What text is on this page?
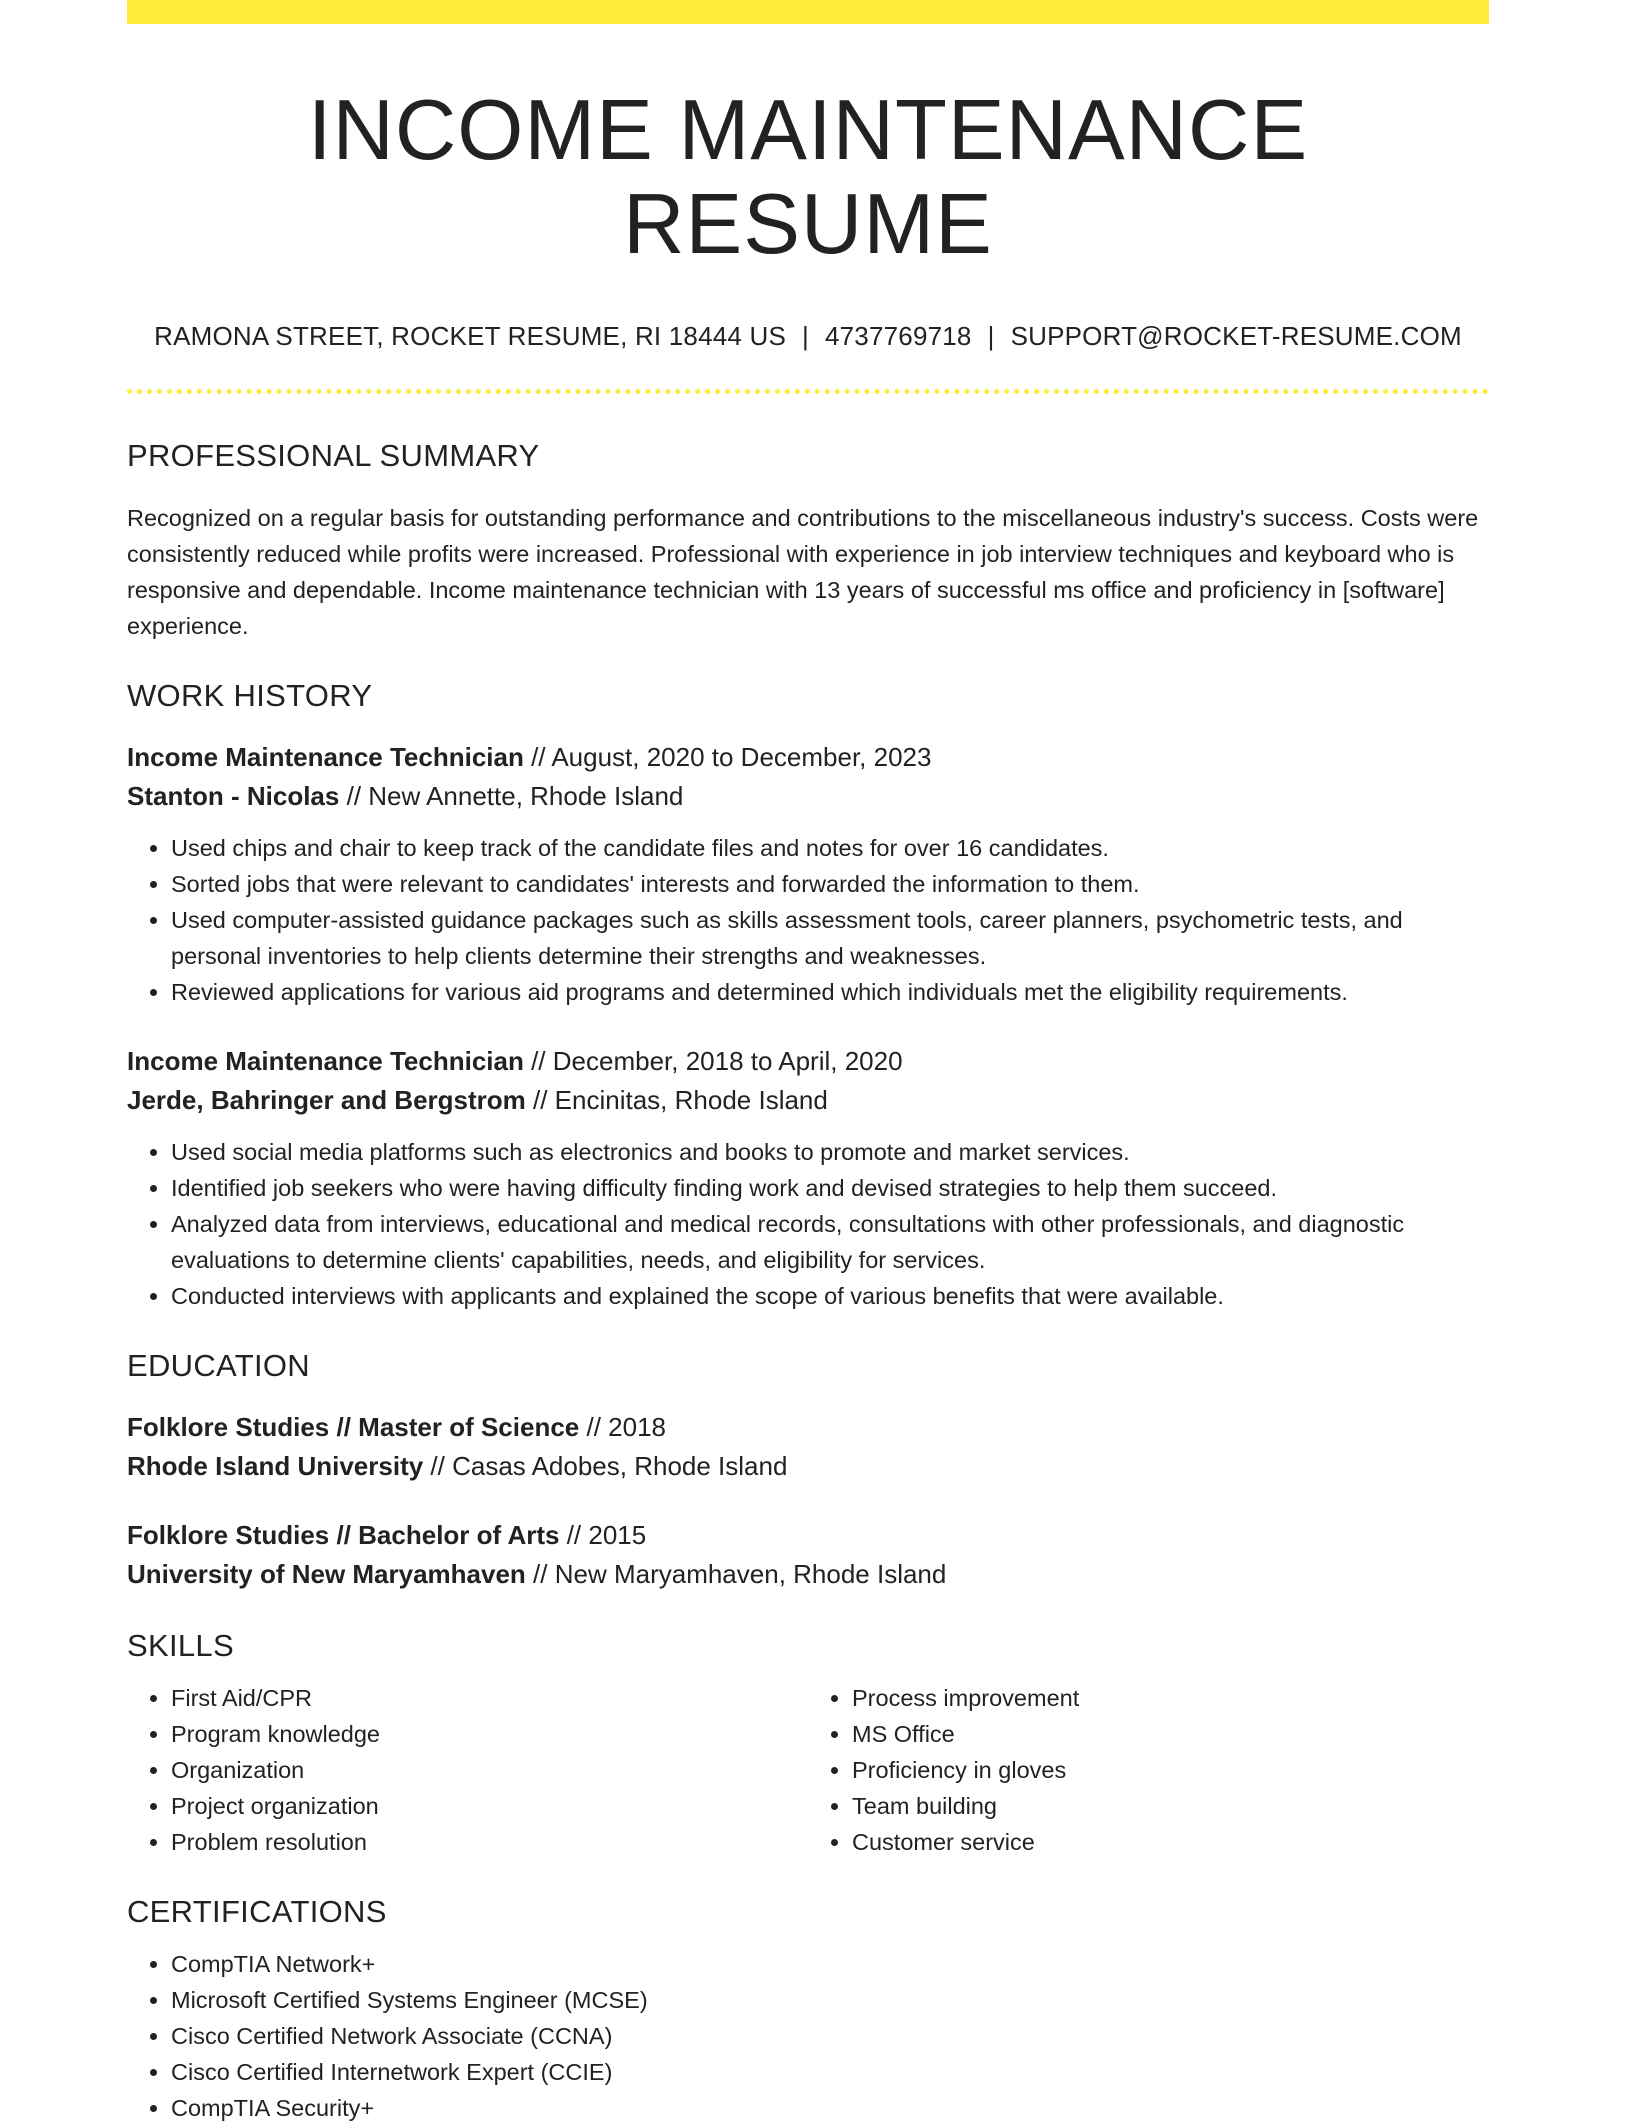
INCOME MAINTENANCE RESUME
RAMONA STREET, ROCKET RESUME, RI 18444 US | 4737769718 | SUPPORT@ROCKET-RESUME.COM
PROFESSIONAL SUMMARY
Recognized on a regular basis for outstanding performance and contributions to the miscellaneous industry's success. Costs were consistently reduced while profits were increased. Professional with experience in job interview techniques and keyboard who is responsive and dependable. Income maintenance technician with 13 years of successful ms office and proficiency in [software] experience.
WORK HISTORY
Income Maintenance Technician // August, 2020 to December, 2023
Stanton - Nicolas // New Annette, Rhode Island
• Used chips and chair to keep track of the candidate files and notes for over 16 candidates.
• Sorted jobs that were relevant to candidates' interests and forwarded the information to them.
• Used computer-assisted guidance packages such as skills assessment tools, career planners, psychometric tests, and personal inventories to help clients determine their strengths and weaknesses.
• Reviewed applications for various aid programs and determined which individuals met the eligibility requirements.
Income Maintenance Technician // December, 2018 to April, 2020
Jerde, Bahringer and Bergstrom // Encinitas, Rhode Island
• Used social media platforms such as electronics and books to promote and market services.
• Identified job seekers who were having difficulty finding work and devised strategies to help them succeed.
• Analyzed data from interviews, educational and medical records, consultations with other professionals, and diagnostic evaluations to determine clients' capabilities, needs, and eligibility for services.
• Conducted interviews with applicants and explained the scope of various benefits that were available.
EDUCATION
Folklore Studies // Master of Science // 2018
Rhode Island University // Casas Adobes, Rhode Island
Folklore Studies // Bachelor of Arts // 2015
University of New Maryamhaven // New Maryamhaven, Rhode Island
SKILLS
• First Aid/CPR
• Program knowledge
• Organization
• Project organization
• Problem resolution
• Process improvement
• MS Office
• Proficiency in gloves
• Team building
• Customer service
CERTIFICATIONS
• CompTIA Network+
• Microsoft Certified Systems Engineer (MCSE)
• Cisco Certified Network Associate (CCNA)
• Cisco Certified Internetwork Expert (CCIE)
• CompTIA Security+
